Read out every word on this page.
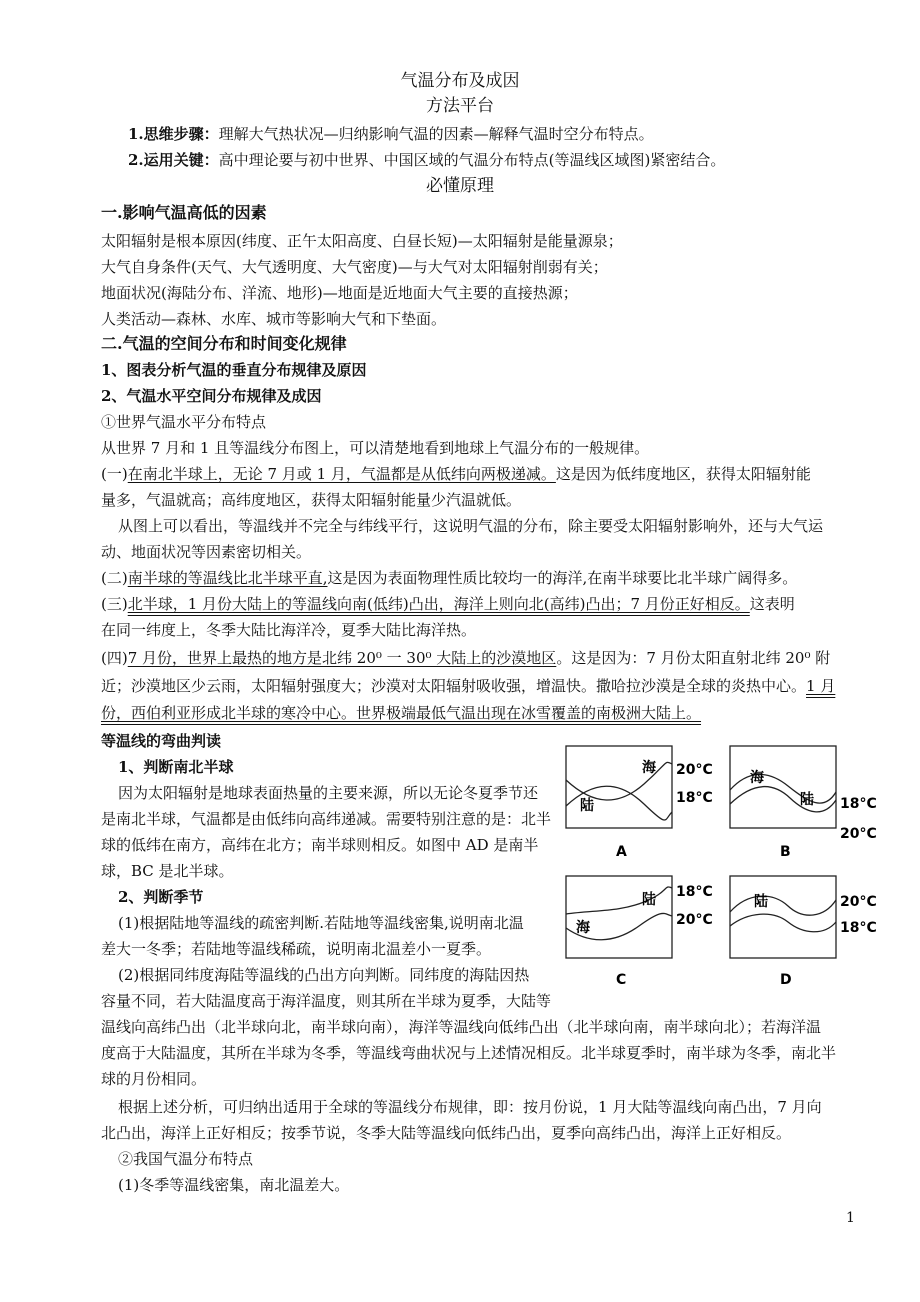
气温分布及成因
方法平台
1.思维步骤：理解大气热状况—归纳影响气温的因素—解释气温时空分布特点。
2.运用关键：高中理论要与初中世界、中国区域的气温分布特点(等温线区域图)紧密结合。
必懂原理
一.影响气温高低的因素
太阳辐射是根本原因(纬度、正午太阳高度、白昼长短)—太阳辐射是能量源泉；
大气自身条件(天气、大气透明度、大气密度)—与大气对太阳辐射削弱有关；
地面状况(海陆分布、洋流、地形)—地面是近地面大气主要的直接热源；
人类活动—森林、水库、城市等影响大气和下垫面。
二.气温的空间分布和时间变化规律
1、图表分析气温的垂直分布规律及原因
2、气温水平空间分布规律及成因
①世界气温水平分布特点
从世界 7 月和 1 且等温线分布图上，可以清楚地看到地球上气温分布的一般规律。
(一)在南北半球上，无论 7 月或 1 月，气温都是从低纬向两极递减。这是因为低纬度地区，获得太阳辐射能
量多，气温就高；高纬度地区，获得太阳辐射能量少汽温就低。
从图上可以看出，等温线并不完全与纬线平行，这说明气温的分布，除主要受太阳辐射影响外，还与大气运
动、地面状况等因素密切相关。
(二)南半球的等温线比北半球平直,这是因为表面物理性质比较均一的海洋,在南半球要比北半球广阔得多。
(三)北半球，1 月份大陆上的等温线向南(低纬)凸出，海洋上则向北(高纬)凸出；7 月份正好相反。这表明
在同一纬度上，冬季大陆比海洋冷，夏季大陆比海洋热。
(四)7 月份，世界上最热的地方是北纬 20⁰ 一 30⁰ 大陆上的沙漠地区。这是因为：7 月份太阳直射北纬 20⁰ 附
近；沙漠地区少云雨，太阳辐射强度大；沙漠对太阳辐射吸收强，增温快。撒哈拉沙漠是全球的炎热中心。1 月
份，西伯利亚形成北半球的寒冷中心。世界极端最低气温出现在冰雪覆盖的南极洲大陆上。
等温线的弯曲判读
1、判断南北半球
因为太阳辐射是地球表面热量的主要来源，所以无论冬夏季节还
是南北半球，气温都是由低纬向高纬递减。需要特别注意的是：北半
球的低纬在南方，高纬在北方；南半球则相反。如图中 AD 是南半
球，BC 是北半球。
2、判断季节
(1)根据陆地等温线的疏密判断.若陆地等温线密集,说明南北温
差大一冬季；若陆地等温线稀疏，说明南北温差小一夏季。
(2)根据同纬度海陆等温线的凸出方向判断。同纬度的海陆因热
容量不同，若大陆温度高于海洋温度，则其所在半球为夏季，大陆等
温线向高纬凸出（北半球向北，南半球向南），海洋等温线向低纬凸出（北半球向南，南半球向北）；若海洋温
度高于大陆温度，其所在半球为冬季，等温线弯曲状况与上述情况相反。北半球夏季时，南半球为冬季，南北半
球的月份相同。
根据上述分析，可归纳出适用于全球的等温线分布规律，即：按月份说，1 月大陆等温线向南凸出，7 月向
北凸出，海洋上正好相反；按季节说，冬季大陆等温线向低纬凸出，夏季向高纬凸出，海洋上正好相反。
②我国气温分布特点
(1)冬季等温线密集，南北温差大。
1
海
陆
20°C
18°C
A
海
陆 18°C
20°C
B
陆
海
18°C
20°C
C
陆	20°C
18°C
D
